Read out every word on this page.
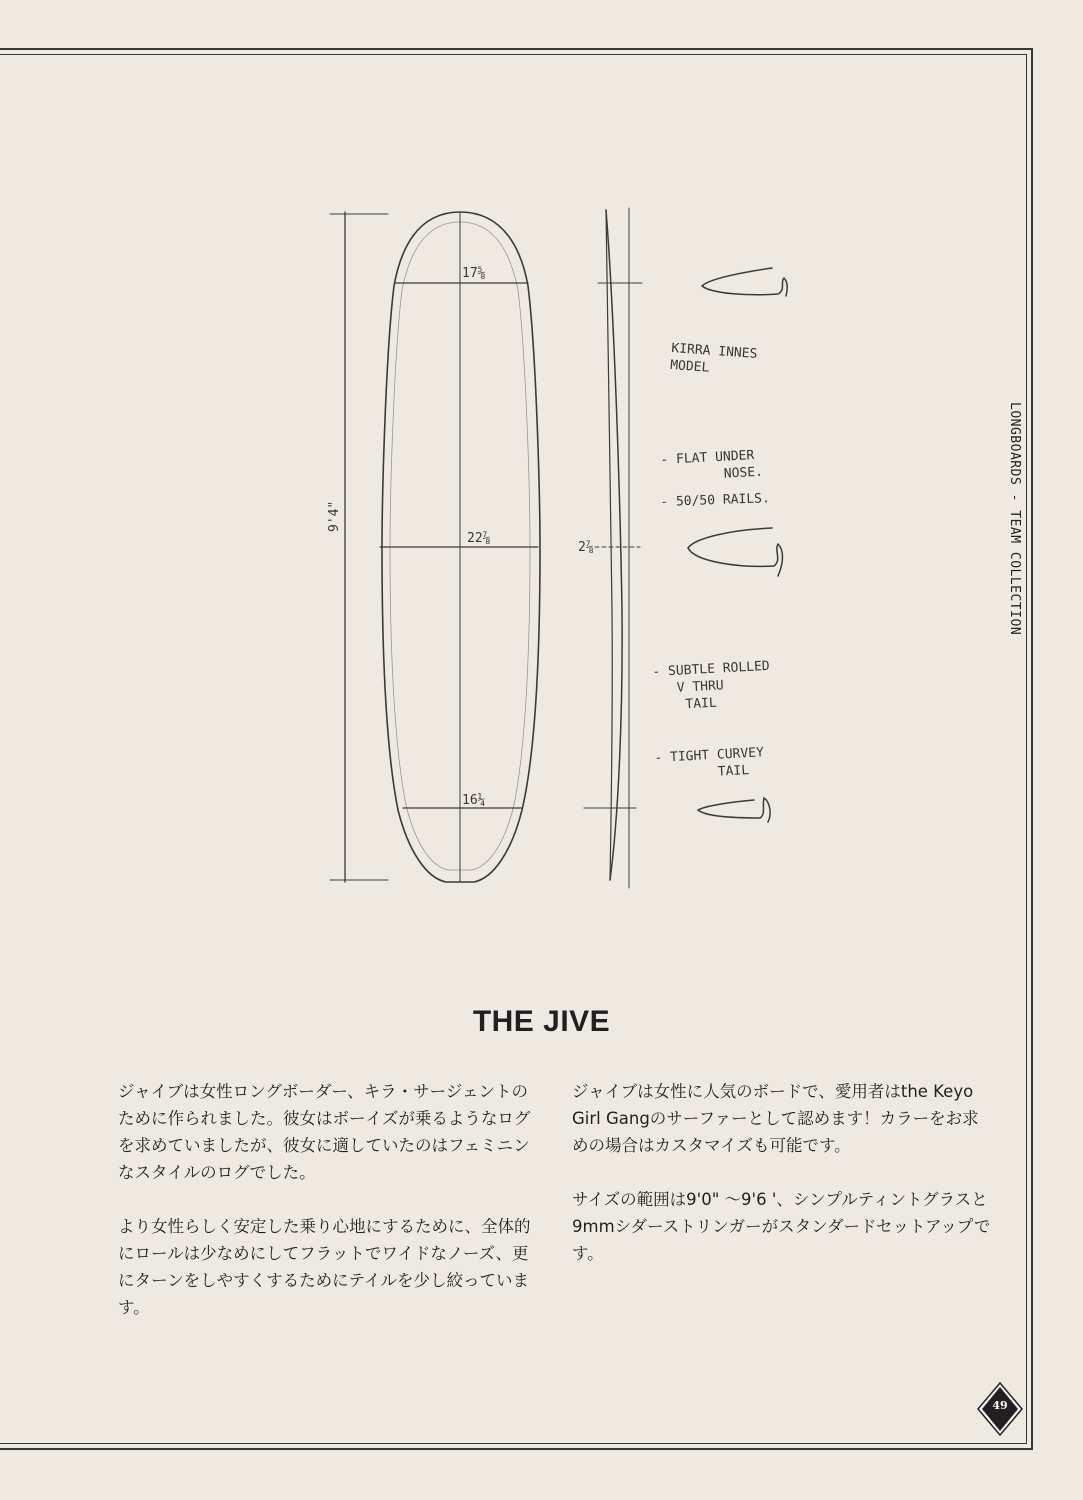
LONGBOARDS - TEAM COLLECTION
9'4"
17⅝
22⅞
16¼
2⅞
KIRRA INNES
MODEL
- FLAT UNDER
NOSE.
- 50/50 RAILS.
- SUBTLE ROLLED
V THRU
TAIL
- TIGHT CURVEY
TAIL
THE JIVE

ジャイブは女性ロングボーダー、キラ・サージェントのために作られました。彼女はボーイズが乗るようなログを求めていましたが、彼女に適していたのはフェミニンなスタイルのログでした。

より女性らしく安定した乗り心地にするために、全体的にロールは少なめにしてフラットでワイドなノーズ、更にターンをしやすくするためにテイルを少し絞っています。

ジャイブは女性に人気のボードで、愛用者はthe Keyo Girl Gangのサーファーとして認めます！カラーをお求めの場合はカスタマイズも可能です。

サイズの範囲は9'0" 〜9'6 '、シンプルティントグラスと9mmシダーストリンガーがスタンダードセットアップです。

49
